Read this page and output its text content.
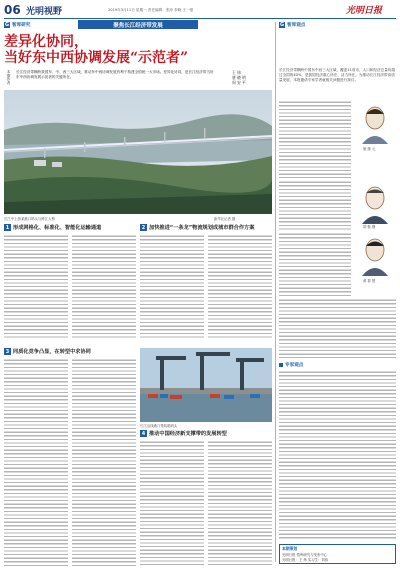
06 光明视野	2019年3月11日 星期一 责任编辑：张冲 李晓 王一强	光明日报
G 智库研究	聚焦长江经济带发展
差异化协同，
当好东中西协调发展“示范者”
本期作者 长江经济带横跨我国东、中、西三大区域，推动东中西协调发展有利于构建全国统一大市场。差异化协同，是长江经济带当好东中西协调发展示范者的关键所在。
王 炜
唐 晓 明
周 安 平
长江中上游某港口码头与跨江大桥	新华社记者 摄
1 形成网格化、标准化、智能化运输通道	2 加快推进“一条龙”物流规划成城市群合作方案
3 同质化竞争凸显，在转型中求协同
长江沿线港口集装箱码头
4 推动中国经济新支撑带的发展转型
G 智库观点
长江经济带横跨中国东中西三大区域，覆盖11省市，人口和经济总量均超过全国的40%，是我国经济重心所在、活力所在。为推动长江经济带高质量发展，本报邀请专家学者就相关问题进行探讨。
施 继 元
胡 鞍 钢
黄 群 慧
专家观点
本期策划
光明日报·智库研究与发布中心
光明日报：王 炜 实习生：刘伟
